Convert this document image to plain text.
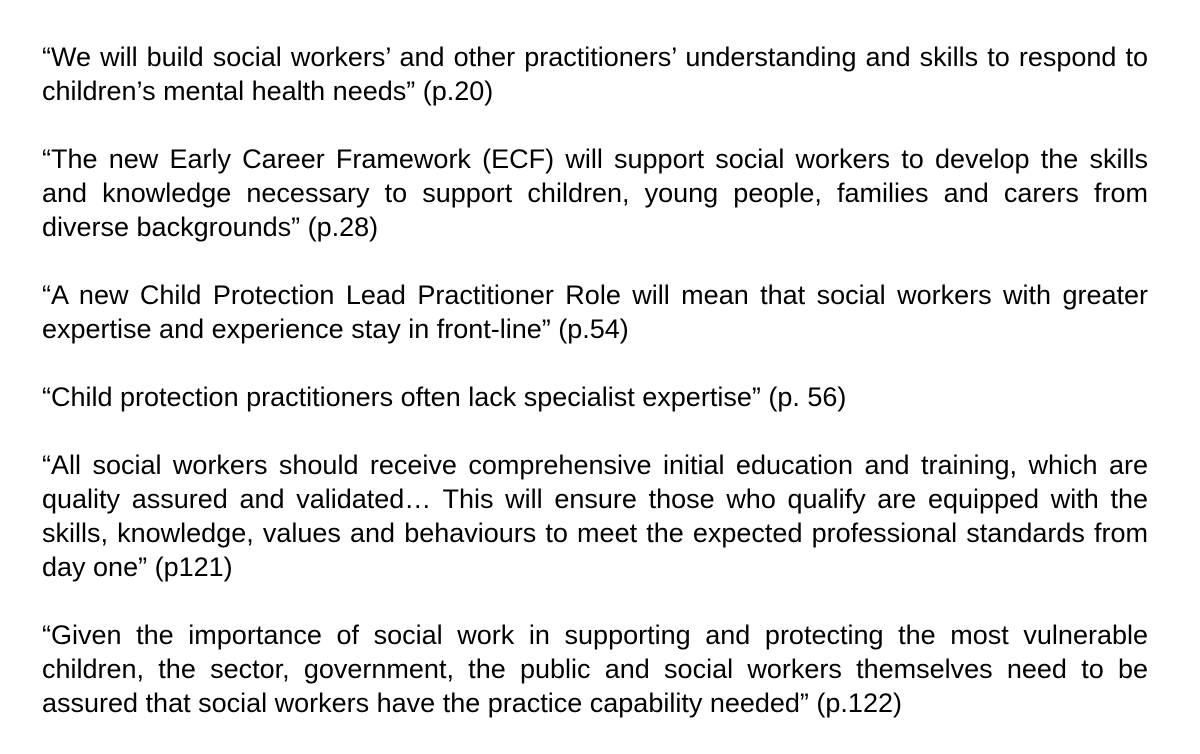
“We will build social workers’ and other practitioners’ understanding and skills to respond to children’s mental health needs” (p.20)

“The new Early Career Framework (ECF) will support social workers to develop the skills and knowledge necessary to support children, young people, families and carers from diverse backgrounds” (p.28)

“A new Child Protection Lead Practitioner Role will mean that social workers with greater expertise and experience stay in front-line” (p.54)

“Child protection practitioners often lack specialist expertise” (p. 56)

“All social workers should receive comprehensive initial education and training, which are quality assured and validated… This will ensure those who qualify are equipped with the skills, knowledge, values and behaviours to meet the expected professional standards from day one” (p121)

“Given the importance of social work in supporting and protecting the most vulnerable children, the sector, government, the public and social workers themselves need to be assured that social workers have the practice capability needed” (p.122)
